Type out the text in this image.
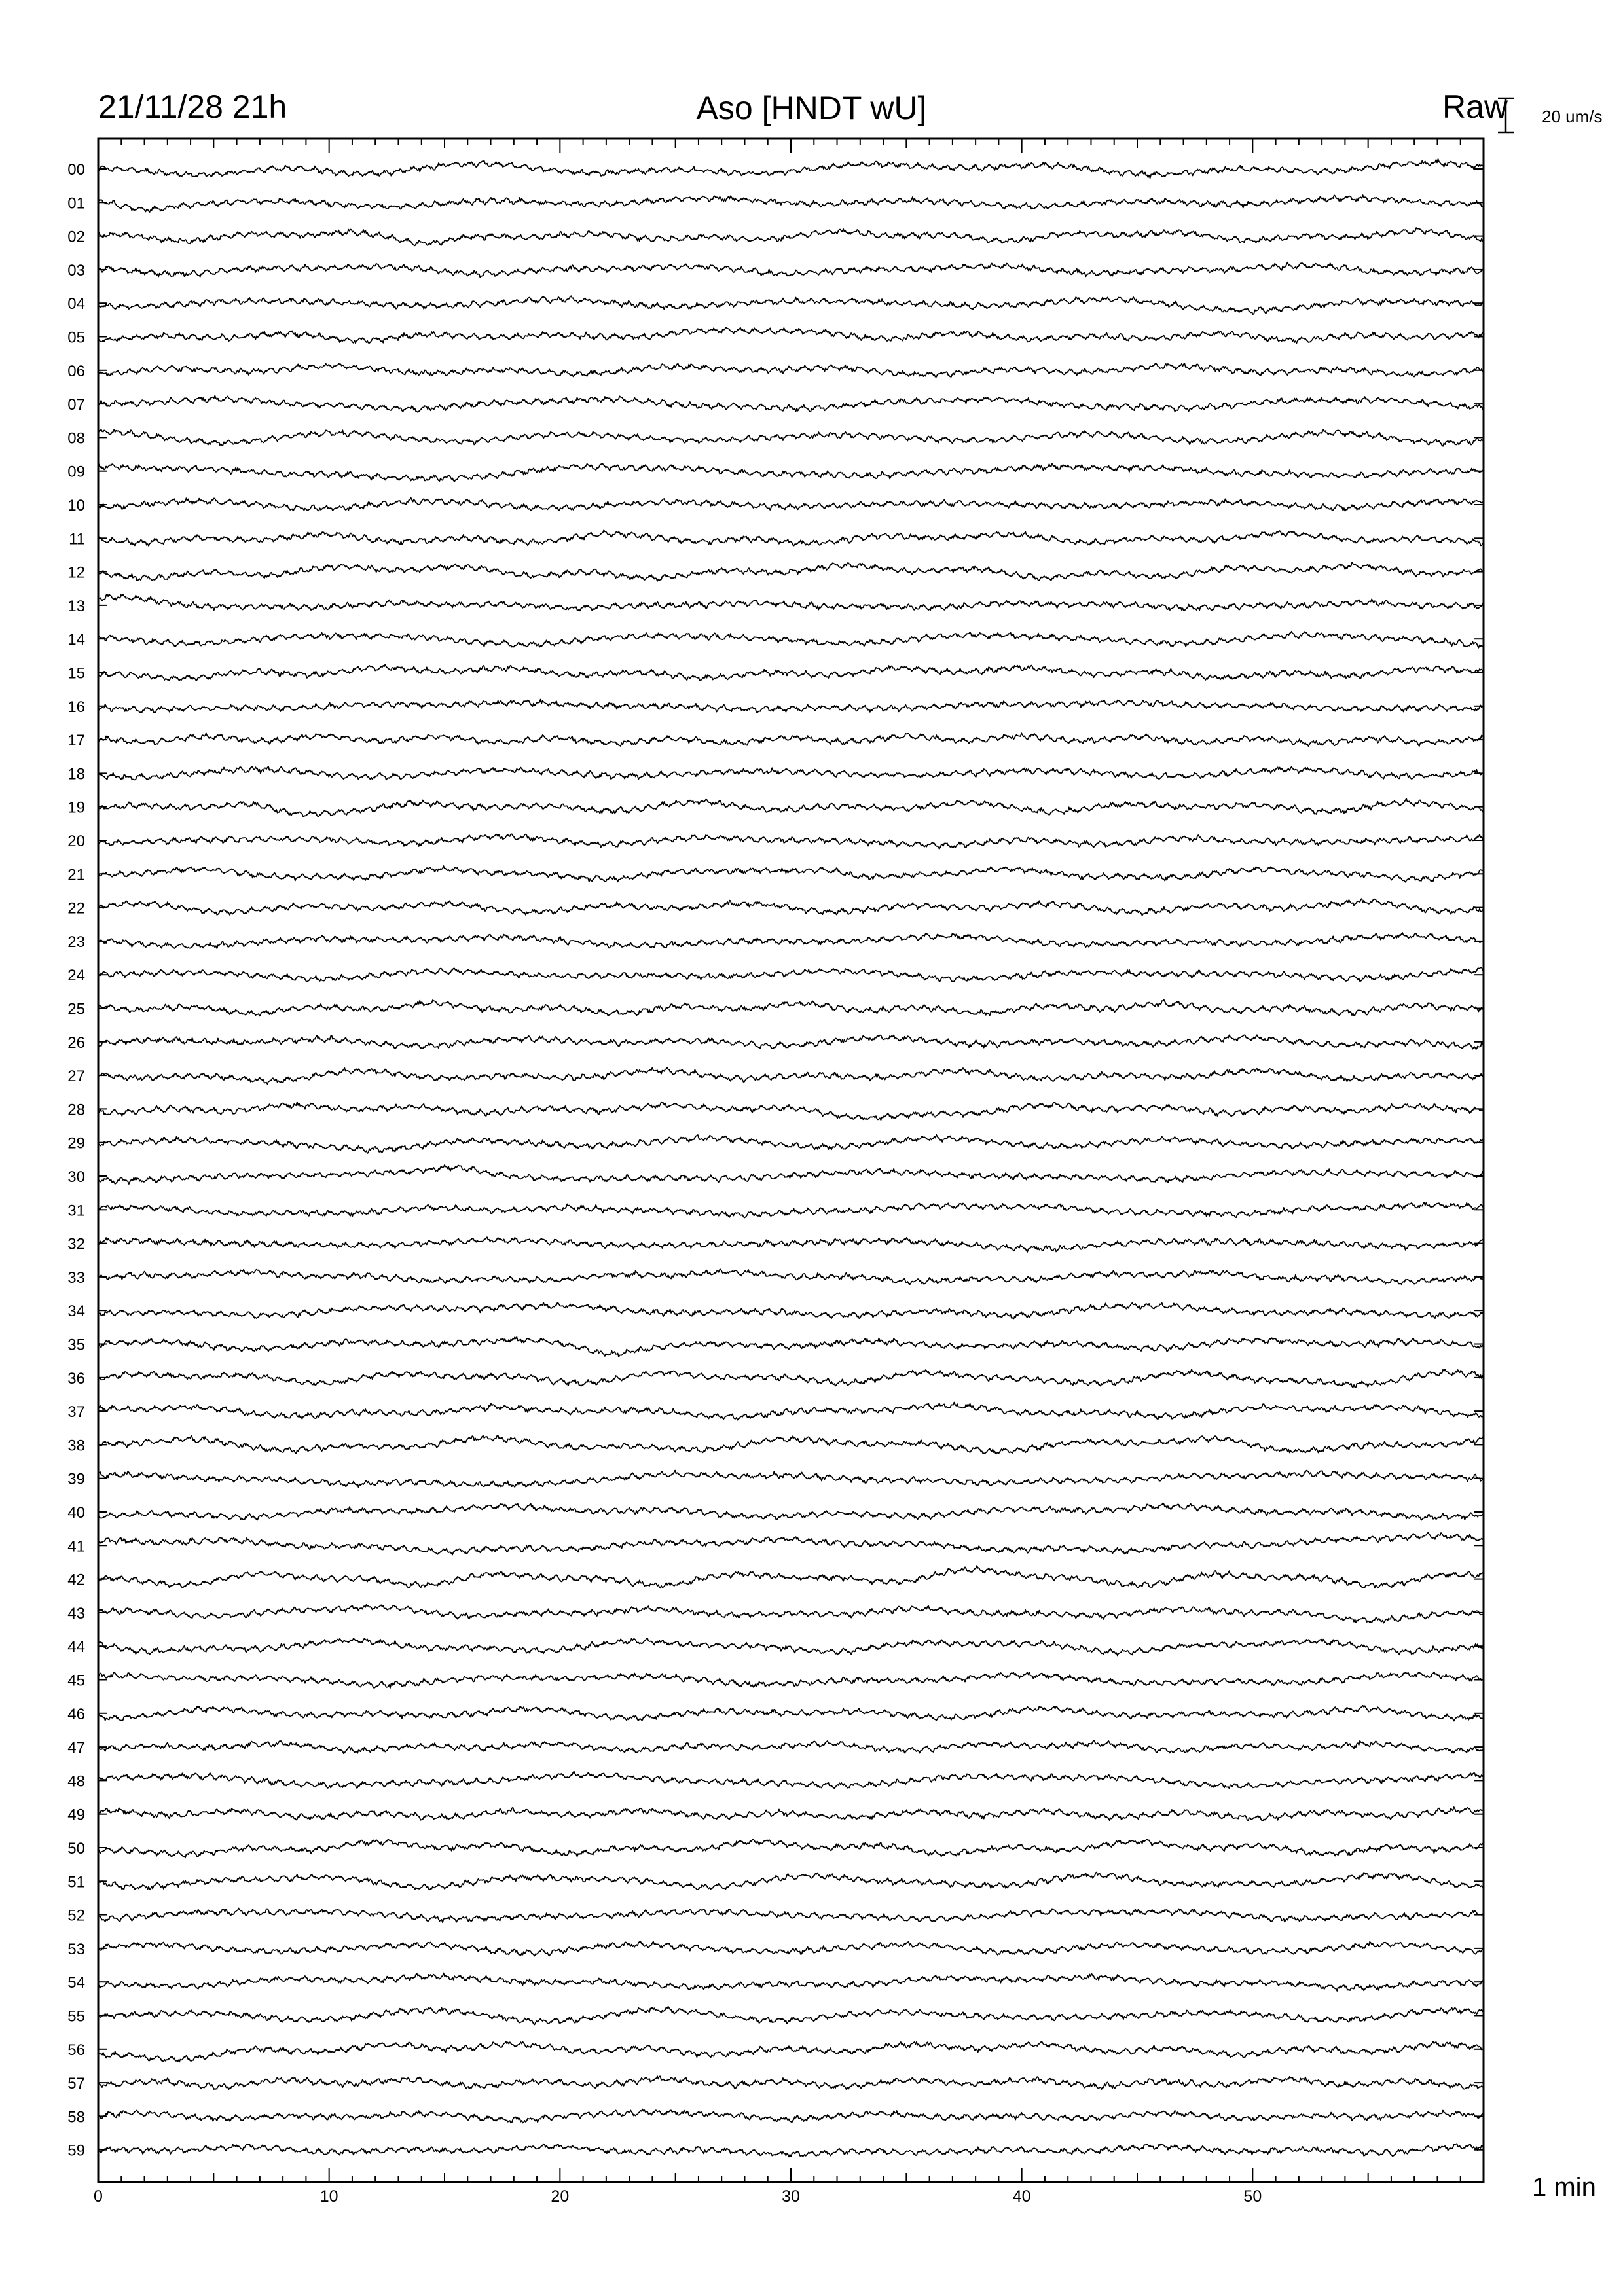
00
01
02
03
04
05
06
07
08
09
10
11
12
13
14
15
16
17
18
19
20
21
22
23
24
25
26
27
28
29
30
31
32
33
34
35
36
37
38
39
40
41
42
43
44
45
46
47
48
49
50
51
52
53
54
55
56
57
58
59
0	10	20	30	40	50
21/11/28 21h	Aso [HNDT wU]	Raw 20 um/s
1 min
